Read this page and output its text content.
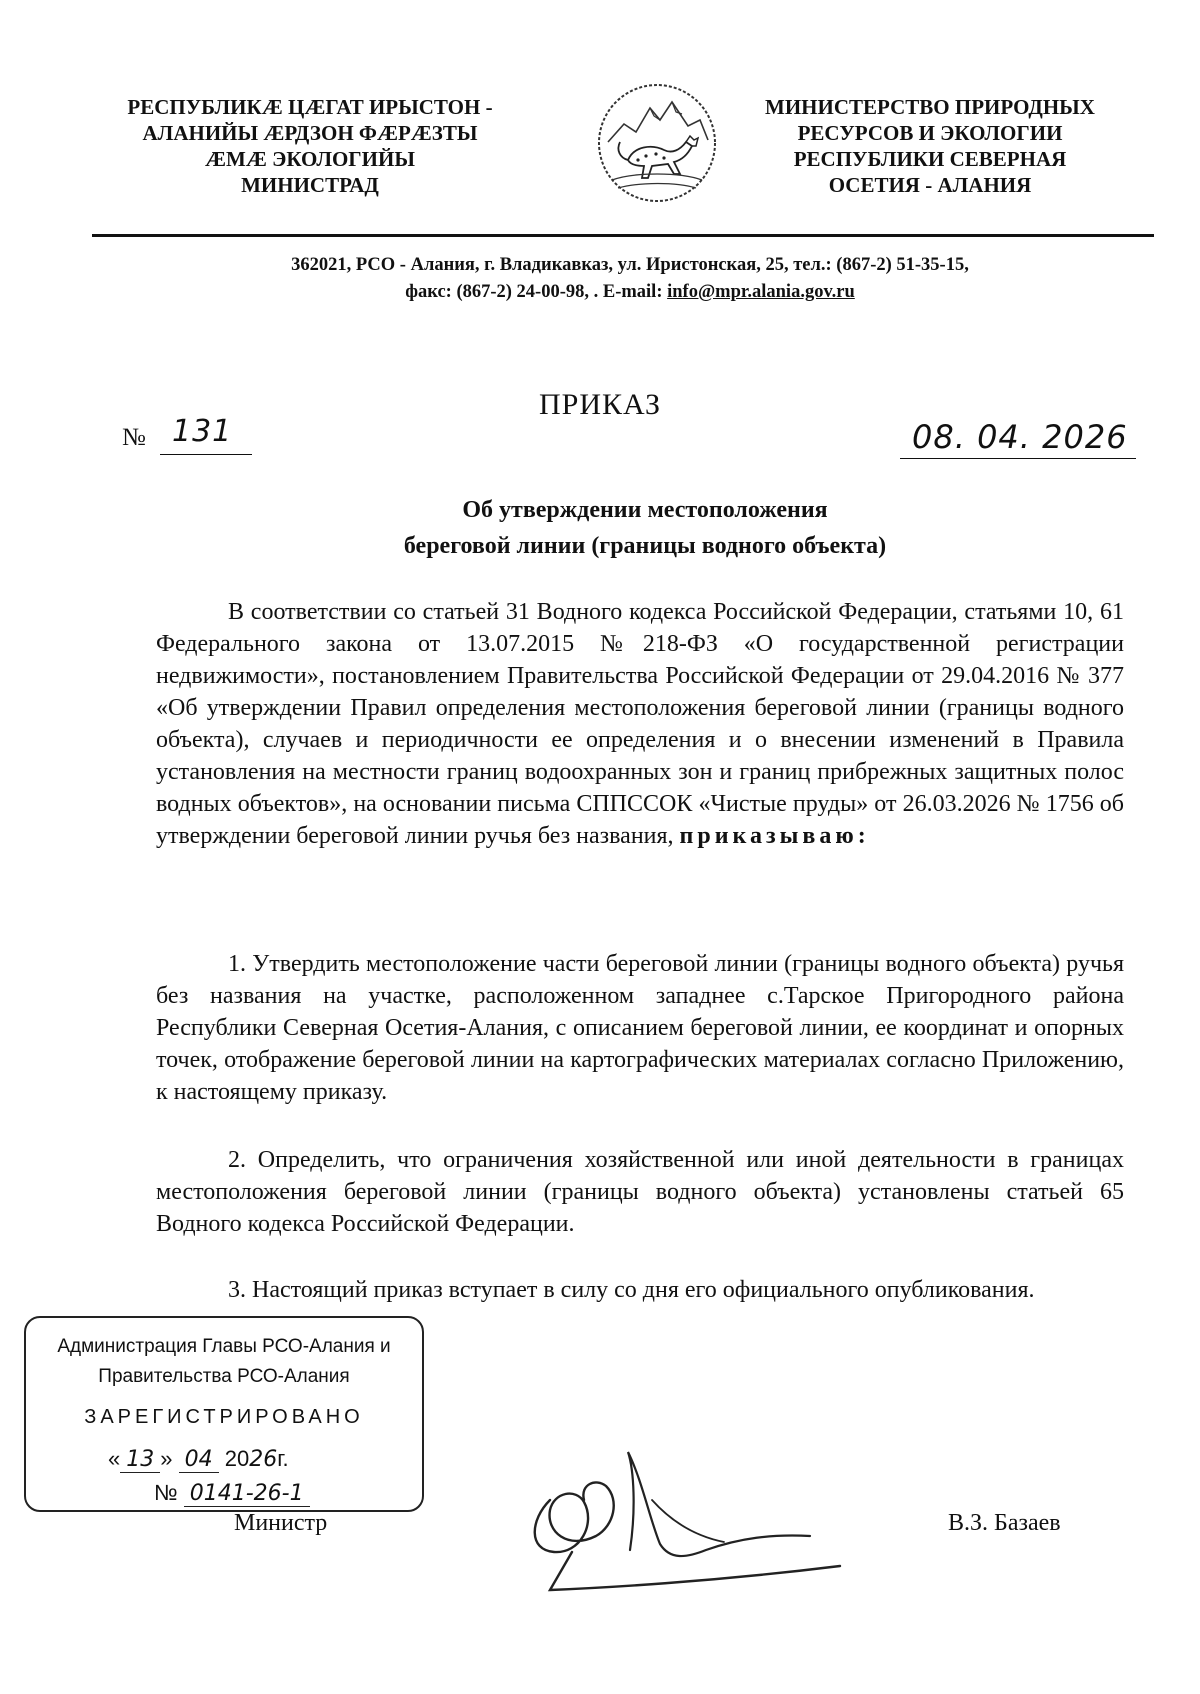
РЕСПУБЛИКÆ ЦÆГАТ ИРЫСТОН -
АЛАНИЙЫ ÆРДЗОН ФÆРÆЗТЫ
ÆМÆ ЭКОЛОГИЙЫ
МИНИСТРАД
МИНИСТЕРСТВО ПРИРОДНЫХ
РЕСУРСОВ И ЭКОЛОГИИ
РЕСПУБЛИКИ СЕВЕРНАЯ
ОСЕТИЯ - АЛАНИЯ
362021, РСО - Алания, г. Владикавказ, ул. Иристонская, 25, тел.: (867-2) 51-35-15,
факс: (867-2) 24-00-98, . E-mail: info@mpr.alania.gov.ru
ПРИКАЗ
№ 131	08. 04. 2026
Об утверждении местоположения
береговой линии (границы водного объекта)
В соответствии со статьей 31 Водного кодекса Российской Федерации, статьями 10, 61 Федерального закона от 13.07.2015 №218-ФЗ «О государственной регистрации недвижимости», постановлением Правительства Российской Федерации от 29.04.2016 № 377 «Об утверждении Правил определения местоположения береговой линии (границы водного объекта), случаев и периодичности ее определения и о внесении изменений в Правила установления на местности границ водоохранных зон и границ прибрежных защитных полос водных объектов», на основании письма СППССОК «Чистые пруды» от 26.03.2026 № 1756 об утверждении береговой линии ручья без названия, приказываю:
1. Утвердить местоположение части береговой линии (границы водного объекта) ручья без названия на участке, расположенном западнее с.Тарское Пригородного района Республики Северная Осетия-Алания, с описанием береговой линии, ее координат и опорных точек, отображение береговой линии на картографических материалах согласно Приложению, к настоящему приказу.
2. Определить, что ограничения хозяйственной или иной деятельности в границах местоположения береговой линии (границы водного объекта) установлены статьей 65 Водного кодекса Российской Федерации.
3. Настоящий приказ вступает в силу со дня его официального опубликования.
Администрация Главы РСО-Алания и
Правительства РСО-Алания
ЗАРЕГИСТРИРОВАНО
« 13 » 04 2026г.
№ 0141-26-1
Министр	В.З. Базаев
